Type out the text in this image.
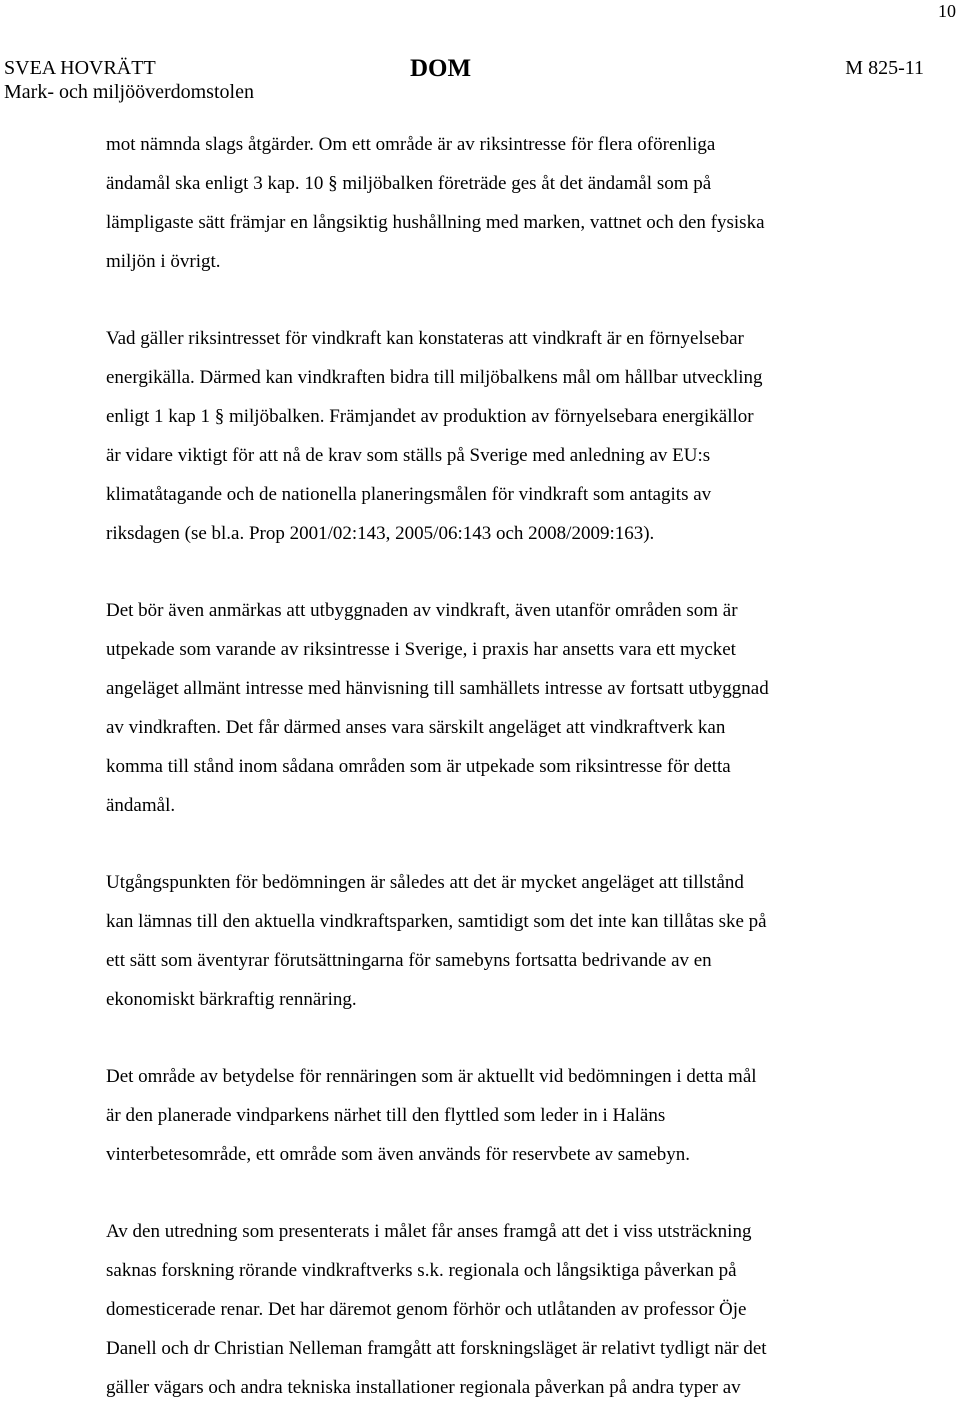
10
SVEA HOVRÄTT
Mark- och miljööverdomstolen
DOM	M 825-11

mot nämnda slags åtgärder. Om ett område är av riksintresse för flera oförenliga
ändamål ska enligt 3 kap. 10 § miljöbalken företräde ges åt det ändamål som på
lämpligaste sätt främjar en långsiktig hushållning med marken, vattnet och den fysiska
miljön i övrigt.

Vad gäller riksintresset för vindkraft kan konstateras att vindkraft är en förnyelsebar
energikälla. Därmed kan vindkraften bidra till miljöbalkens mål om hållbar utveckling
enligt 1 kap 1 § miljöbalken. Främjandet av produktion av förnyelsebara energikällor
är vidare viktigt för att nå de krav som ställs på Sverige med anledning av EU:s
klimatåtagande och de nationella planeringsmålen för vindkraft som antagits av
riksdagen (se bl.a. Prop 2001/02:143, 2005/06:143 och 2008/2009:163).

Det bör även anmärkas att utbyggnaden av vindkraft, även utanför områden som är
utpekade som varande av riksintresse i Sverige, i praxis har ansetts vara ett mycket
angeläget allmänt intresse med hänvisning till samhällets intresse av fortsatt utbyggnad
av vindkraften. Det får därmed anses vara särskilt angeläget att vindkraftverk kan
komma till stånd inom sådana områden som är utpekade som riksintresse för detta
ändamål.

Utgångspunkten för bedömningen är således att det är mycket angeläget att tillstånd
kan lämnas till den aktuella vindkraftsparken, samtidigt som det inte kan tillåtas ske på
ett sätt som äventyrar förutsättningarna för samebyns fortsatta bedrivande av en
ekonomiskt bärkraftig rennäring.

Det område av betydelse för rennäringen som är aktuellt vid bedömningen i detta mål
är den planerade vindparkens närhet till den flyttled som leder in i Haläns
vinterbetesområde, ett område som även används för reservbete av samebyn.

Av den utredning som presenterats i målet får anses framgå att det i viss utsträckning
saknas forskning rörande vindkraftverks s.k. regionala och långsiktiga påverkan på
domesticerade renar. Det har däremot genom förhör och utlåtanden av professor Öje
Danell och dr Christian Nelleman framgått att forskningsläget är relativt tydligt när det
gäller vägars och andra tekniska installationer regionala påverkan på andra typer av
